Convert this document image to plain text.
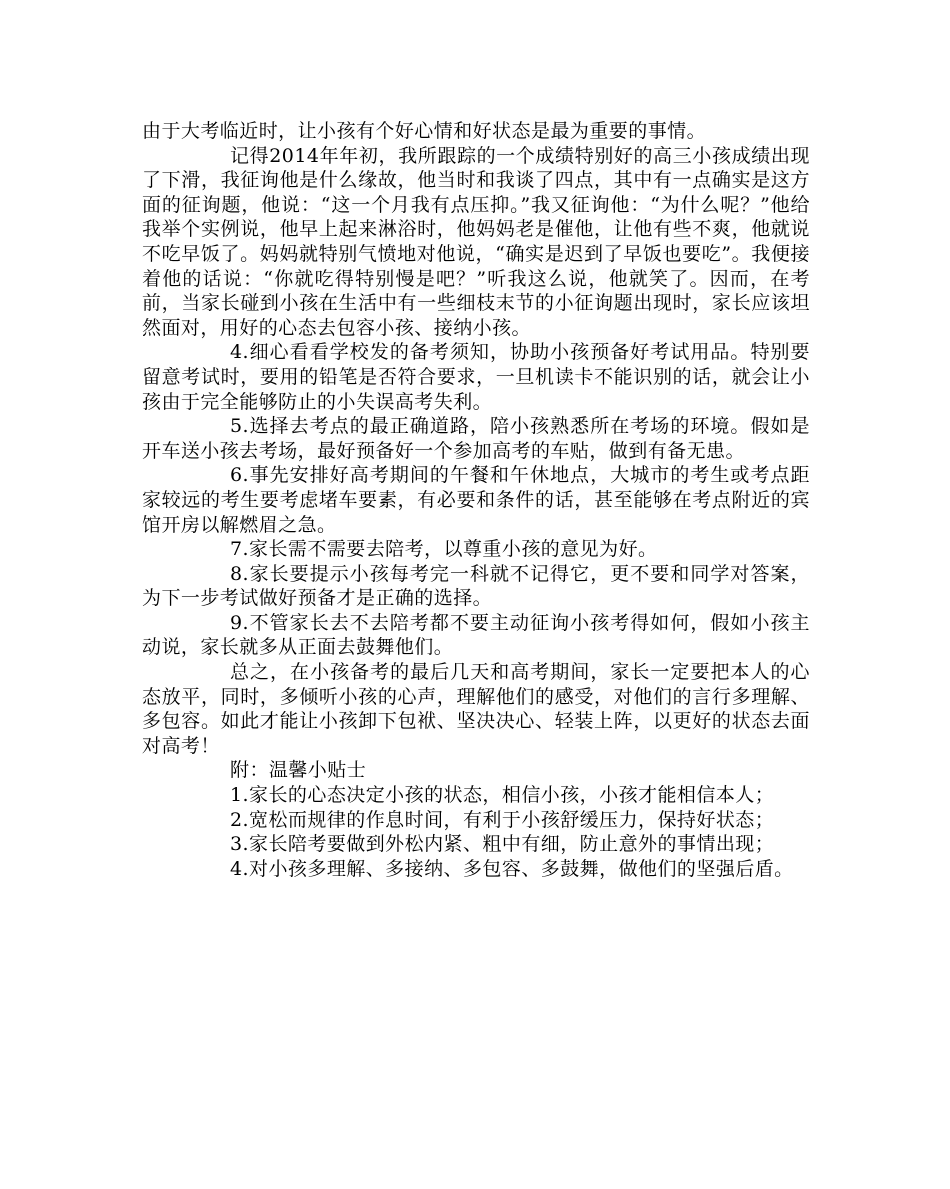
由于大考临近时，让小孩有个好心情和好状态是最为重要的事情。

记得2014年年初，我所跟踪的一个成绩特别好的高三小孩成绩出现了下滑，我征询他是什么缘故，他当时和我谈了四点，其中有一点确实是这方面的征询题，他说：“这一个月我有点压抑。”我又征询他：“为什么呢？”他给我举个实例说，他早上起来淋浴时，他妈妈老是催他，让他有些不爽，他就说不吃早饭了。妈妈就特别气愤地对他说，“确实是迟到了早饭也要吃”。我便接着他的话说：“你就吃得特别慢是吧？”听我这么说，他就笑了。因而，在考前，当家长碰到小孩在生活中有一些细枝末节的小征询题出现时，家长应该坦然面对，用好的心态去包容小孩、接纳小孩。

4.细心看看学校发的备考须知，协助小孩预备好考试用品。特别要留意考试时，要用的铅笔是否符合要求，一旦机读卡不能识别的话，就会让小孩由于完全能够防止的小失误高考失利。

5.选择去考点的最正确道路，陪小孩熟悉所在考场的环境。假如是开车送小孩去考场，最好预备好一个参加高考的车贴，做到有备无患。

6.事先安排好高考期间的午餐和午休地点，大城市的考生或考点距家较远的考生要考虑堵车要素，有必要和条件的话，甚至能够在考点附近的宾馆开房以解燃眉之急。

7.家长需不需要去陪考，以尊重小孩的意见为好。

8.家长要提示小孩每考完一科就不记得它，更不要和同学对答案，为下一步考试做好预备才是正确的选择。

9.不管家长去不去陪考都不要主动征询小孩考得如何，假如小孩主动说，家长就多从正面去鼓舞他们。

总之，在小孩备考的最后几天和高考期间，家长一定要把本人的心态放平，同时，多倾听小孩的心声，理解他们的感受，对他们的言行多理解、多包容。如此才能让小孩卸下包袱、坚决决心、轻装上阵，以更好的状态去面对高考！

附：温馨小贴士

1.家长的心态决定小孩的状态，相信小孩，小孩才能相信本人；

2.宽松而规律的作息时间，有利于小孩舒缓压力，保持好状态；

3.家长陪考要做到外松内紧、粗中有细，防止意外的事情出现；

4.对小孩多理解、多接纳、多包容、多鼓舞，做他们的坚强后盾。
